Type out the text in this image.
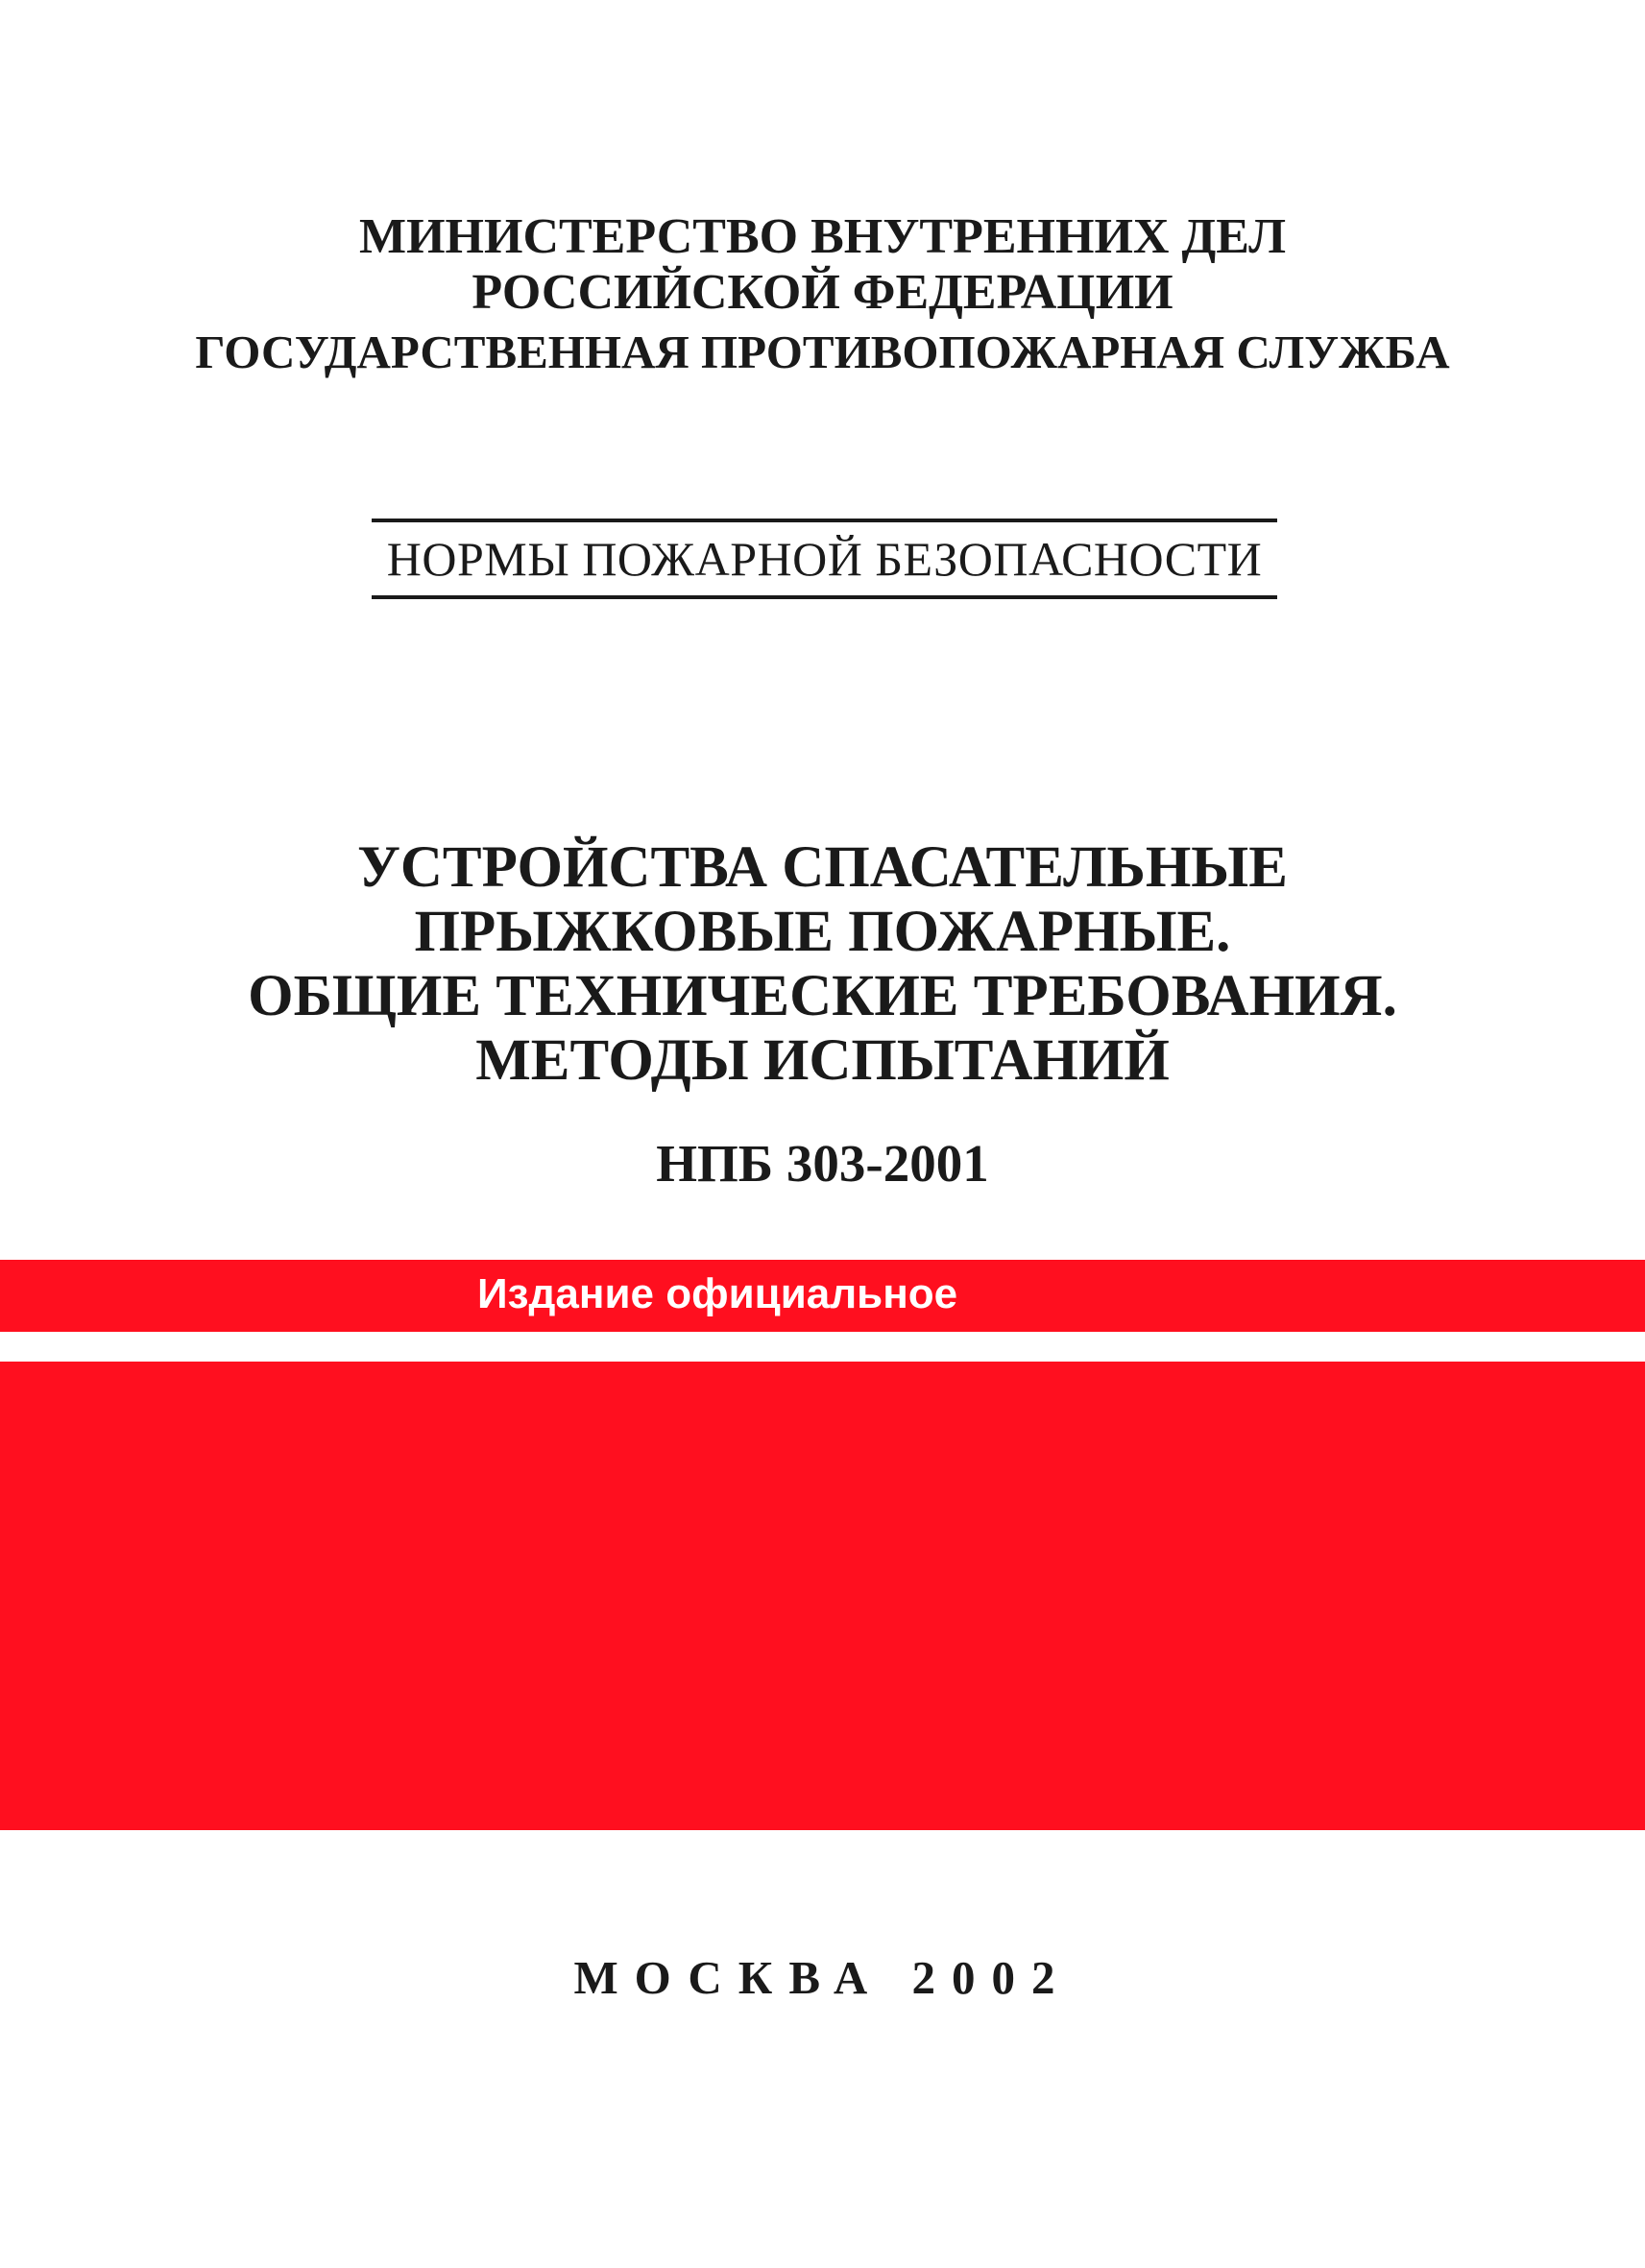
МИНИСТЕРСТВО ВНУТРЕННИХ ДЕЛ
РОССИЙСКОЙ ФЕДЕРАЦИИ
ГОСУДАРСТВЕННАЯ ПРОТИВОПОЖАРНАЯ СЛУЖБА
НОРМЫ ПОЖАРНОЙ БЕЗОПАСНОСТИ
УСТРОЙСТВА СПАСАТЕЛЬНЫЕ
ПРЫЖКОВЫЕ ПОЖАРНЫЕ.
ОБЩИЕ ТЕХНИЧЕСКИЕ ТРЕБОВАНИЯ.
МЕТОДЫ ИСПЫТАНИЙ
НПБ 303-2001
Издание официальное
МОСКВА 2002
